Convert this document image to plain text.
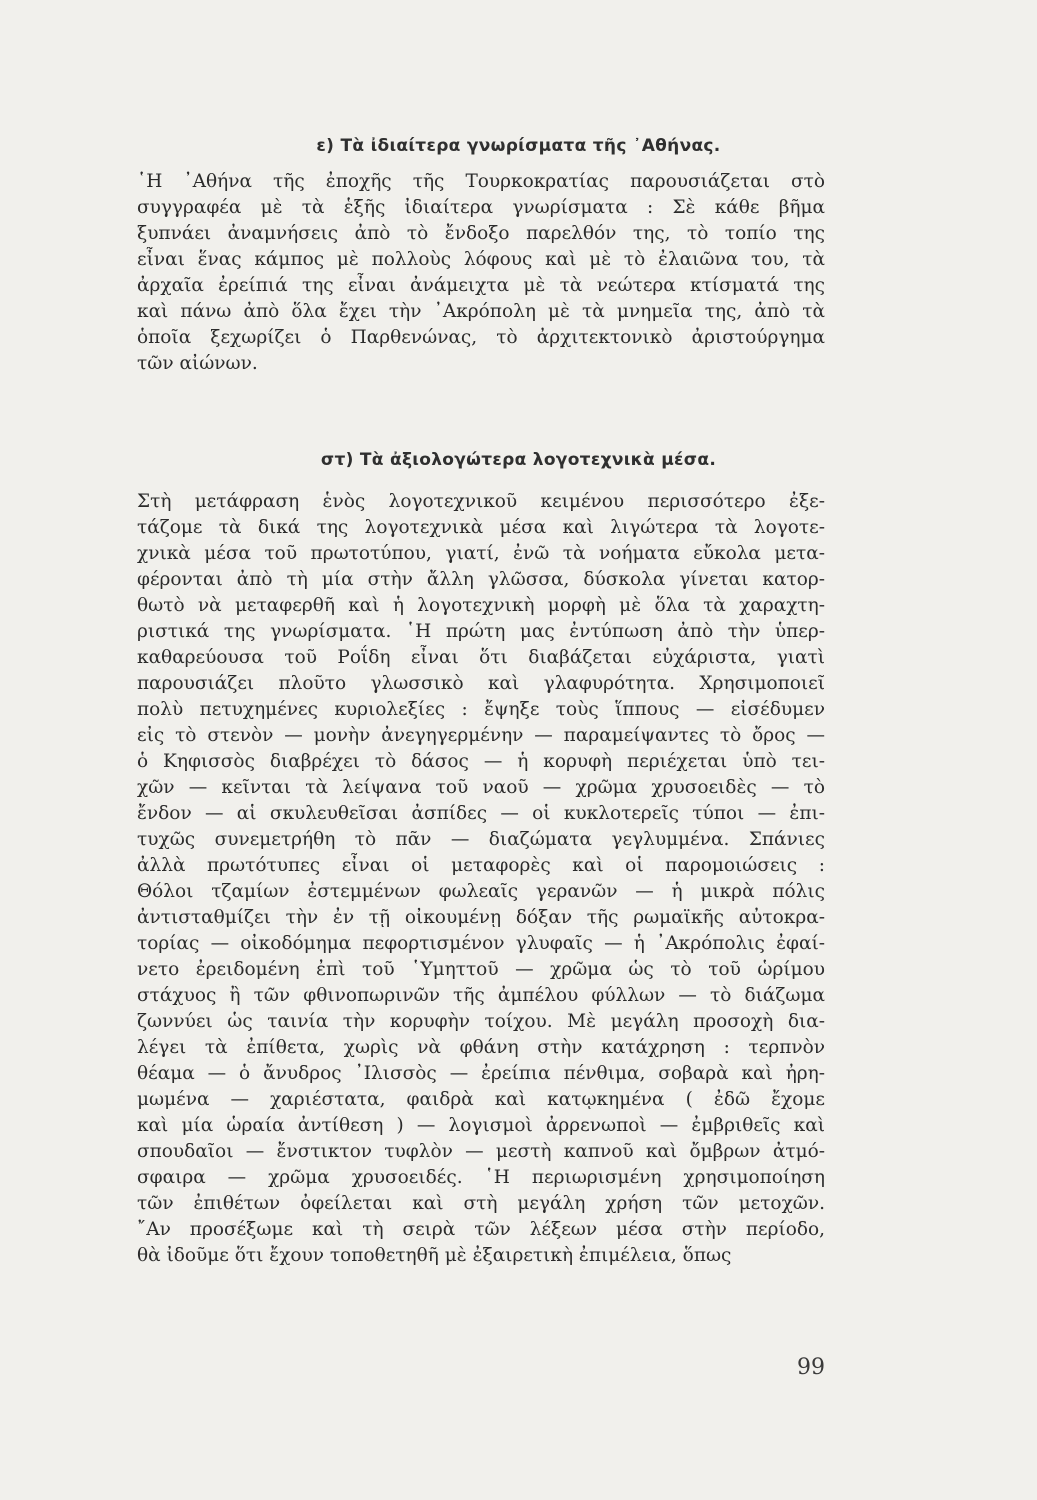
ε) Τὰ ἰδιαίτερα γνωρίσματα τῆς ᾿Αθήνας.
῾Η ᾿Αθήνα τῆς ἐποχῆς τῆς Τουρκοκρατίας παρουσιάζεται στὸ
συγγραφέα μὲ τὰ ἑξῆς ἰδιαίτερα γνωρίσματα : Σὲ κάθε βῆμα
ξυπνάει ἀναμνήσεις ἀπὸ τὸ ἔνδοξο παρελθόν της, τὸ τοπίο της
εἶναι ἕνας κάμπος μὲ πολλοὺς λόφους καὶ μὲ τὸ ἐλαιῶνα του, τὰ
ἀρχαῖα ἐρείπιά της εἶναι ἀνάμειχτα μὲ τὰ νεώτερα κτίσματά της
καὶ πάνω ἀπὸ ὅλα ἔχει τὴν ᾿Ακρόπολη μὲ τὰ μνημεῖα της, ἀπὸ τὰ
ὁποῖα ξεχωρίζει ὁ Παρθενώνας, τὸ ἀρχιτεκτονικὸ ἀριστούργημα
τῶν αἰώνων.
στ) Τὰ ἀξιολογώτερα λογοτεχνικὰ μέσα.
Στὴ μετάφραση ἑνὸς λογοτεχνικοῦ κειμένου περισσότερο ἐξε-
τάζομε τὰ δικά της λογοτεχνικὰ μέσα καὶ λιγώτερα τὰ λογοτε-
χνικὰ μέσα τοῦ πρωτοτύπου, γιατί, ἐνῶ τὰ νοήματα εὔκολα μετα-
φέρονται ἀπὸ τὴ μία στὴν ἄλλη γλῶσσα, δύσκολα γίνεται κατορ-
θωτὸ νὰ μεταφερθῆ καὶ ἡ λογοτεχνικὴ μορφὴ μὲ ὅλα τὰ χαραχτη-
ριστικά της γνωρίσματα. ῾Η πρώτη μας ἐντύπωση ἀπὸ τὴν ὑπερ-
καθαρεύουσα τοῦ Ροΐδη εἶναι ὅτι διαβάζεται εὐχάριστα, γιατὶ
παρουσιάζει πλοῦτο γλωσσικὸ καὶ γλαφυρότητα. Χρησιμοποιεῖ
πολὺ πετυχημένες κυριολεξίες : ἔψηξε τοὺς ἵππους — εἰσέδυμεν
εἰς τὸ στενὸν — μονὴν ἀνεγηγερμένην — παραμείψαντες τὸ ὄρος —
ὁ Κηφισσὸς διαβρέχει τὸ δάσος — ἡ κορυφὴ περιέχεται ὑπὸ τει-
χῶν — κεῖνται τὰ λείψανα τοῦ ναοῦ — χρῶμα χρυσοειδὲς — τὸ
ἔνδον — αἱ σκυλευθεῖσαι ἀσπίδες — οἱ κυκλοτερεῖς τύποι — ἐπι-
τυχῶς συνεμετρήθη τὸ πᾶν — διαζώματα γεγλυμμένα. Σπάνιες
ἀλλὰ πρωτότυπες εἶναι οἱ μεταφορὲς καὶ οἱ παρομοιώσεις :
Θόλοι τζαμίων ἐστεμμένων φωλεαῖς γερανῶν — ἡ μικρὰ πόλις
ἀντισταθμίζει τὴν ἐν τῇ οἰκουμένῃ δόξαν τῆς ρωμαϊκῆς αὐτοκρα-
τορίας — οἰκοδόμημα πεφορτισμένον γλυφαῖς — ἡ ᾿Ακρόπολις ἐφαί-
νετο ἐρειδομένη ἐπὶ τοῦ ῾Υμηττοῦ — χρῶμα ὡς τὸ τοῦ ὡρίμου
στάχυος ἢ τῶν φθινοπωρινῶν τῆς ἀμπέλου φύλλων — τὸ διάζωμα
ζωννύει ὡς ταινία τὴν κορυφὴν τοίχου. Μὲ μεγάλη προσοχὴ δια-
λέγει τὰ ἐπίθετα, χωρὶς νὰ φθάνη στὴν κατάχρηση : τερπνὸν
θέαμα — ὁ ἄνυδρος ᾿Ιλισσὸς — ἐρείπια πένθιμα, σοβαρὰ καὶ ἠρη-
μωμένα — χαριέστατα, φαιδρὰ καὶ κατῳκημένα ( ἐδῶ ἔχομε
καὶ μία ὡραία ἀντίθεση ) — λογισμοὶ ἀρρενωποὶ — ἐμβριθεῖς καὶ
σπουδαῖοι — ἔνστικτον τυφλὸν — μεστὴ καπνοῦ καὶ ὄμβρων ἀτμό-
σφαιρα — χρῶμα χρυσοειδές. ῾Η περιωρισμένη χρησιμοποίηση
τῶν ἐπιθέτων ὀφείλεται καὶ στὴ μεγάλη χρήση τῶν μετοχῶν.
῎Αν προσέξωμε καὶ τὴ σειρὰ τῶν λέξεων μέσα στὴν περίοδο,
θὰ ἰδοῦμε ὅτι ἔχουν τοποθετηθῆ μὲ ἐξαιρετικὴ ἐπιμέλεια, ὅπως
99
